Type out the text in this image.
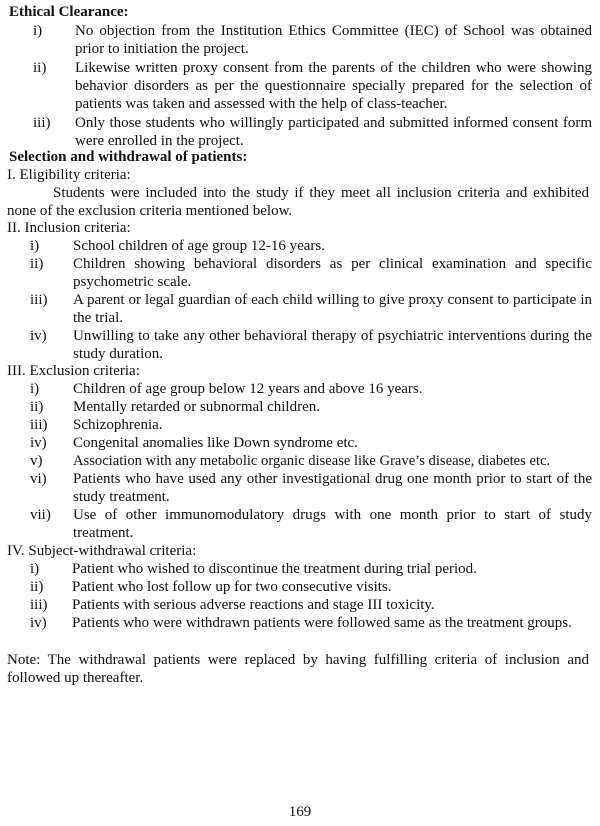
Ethical Clearance:
i)	No objection from the Institution Ethics Committee (IEC) of School was obtained prior to initiation the project.
ii)	Likewise written proxy consent from the parents of the children who were showing behavior disorders as per the questionnaire specially prepared for the selection of patients was taken and assessed with the help of class-teacher.
iii)	Only those students who willingly participated and submitted informed consent form were enrolled in the project.
Selection and withdrawal of patients:
I. Eligibility criteria:
Students were included into the study if they meet all inclusion criteria and exhibited none of the exclusion criteria mentioned below.
II. Inclusion criteria:
i)	School children of age group 12-16 years.
ii)	Children showing behavioral disorders as per clinical examination and specific psychometric scale.
iii)	A parent or legal guardian of each child willing to give proxy consent to participate in the trial.
iv)	Unwilling to take any other behavioral therapy of psychiatric interventions during the study duration.
III. Exclusion criteria:
i)	Children of age group below 12 years and above 16 years.
ii)	Mentally retarded or subnormal children.
iii)	Schizophrenia.
iv)	Congenital anomalies like Down syndrome etc.
v)	Association with any metabolic organic disease like Grave’s disease, diabetes etc.
vi)	Patients who have used any other investigational drug one month prior to start of the study treatment.
vii)	Use of other immunomodulatory drugs with one month prior to start of study treatment.
IV. Subject-withdrawal criteria:
i)	Patient who wished to discontinue the treatment during trial period.
ii)	Patient who lost follow up for two consecutive visits.
iii)	Patients with serious adverse reactions and stage III toxicity.
iv)	Patients who were withdrawn patients were followed same as the treatment groups.
Note: The withdrawal patients were replaced by having fulfilling criteria of inclusion and followed up thereafter.
169
